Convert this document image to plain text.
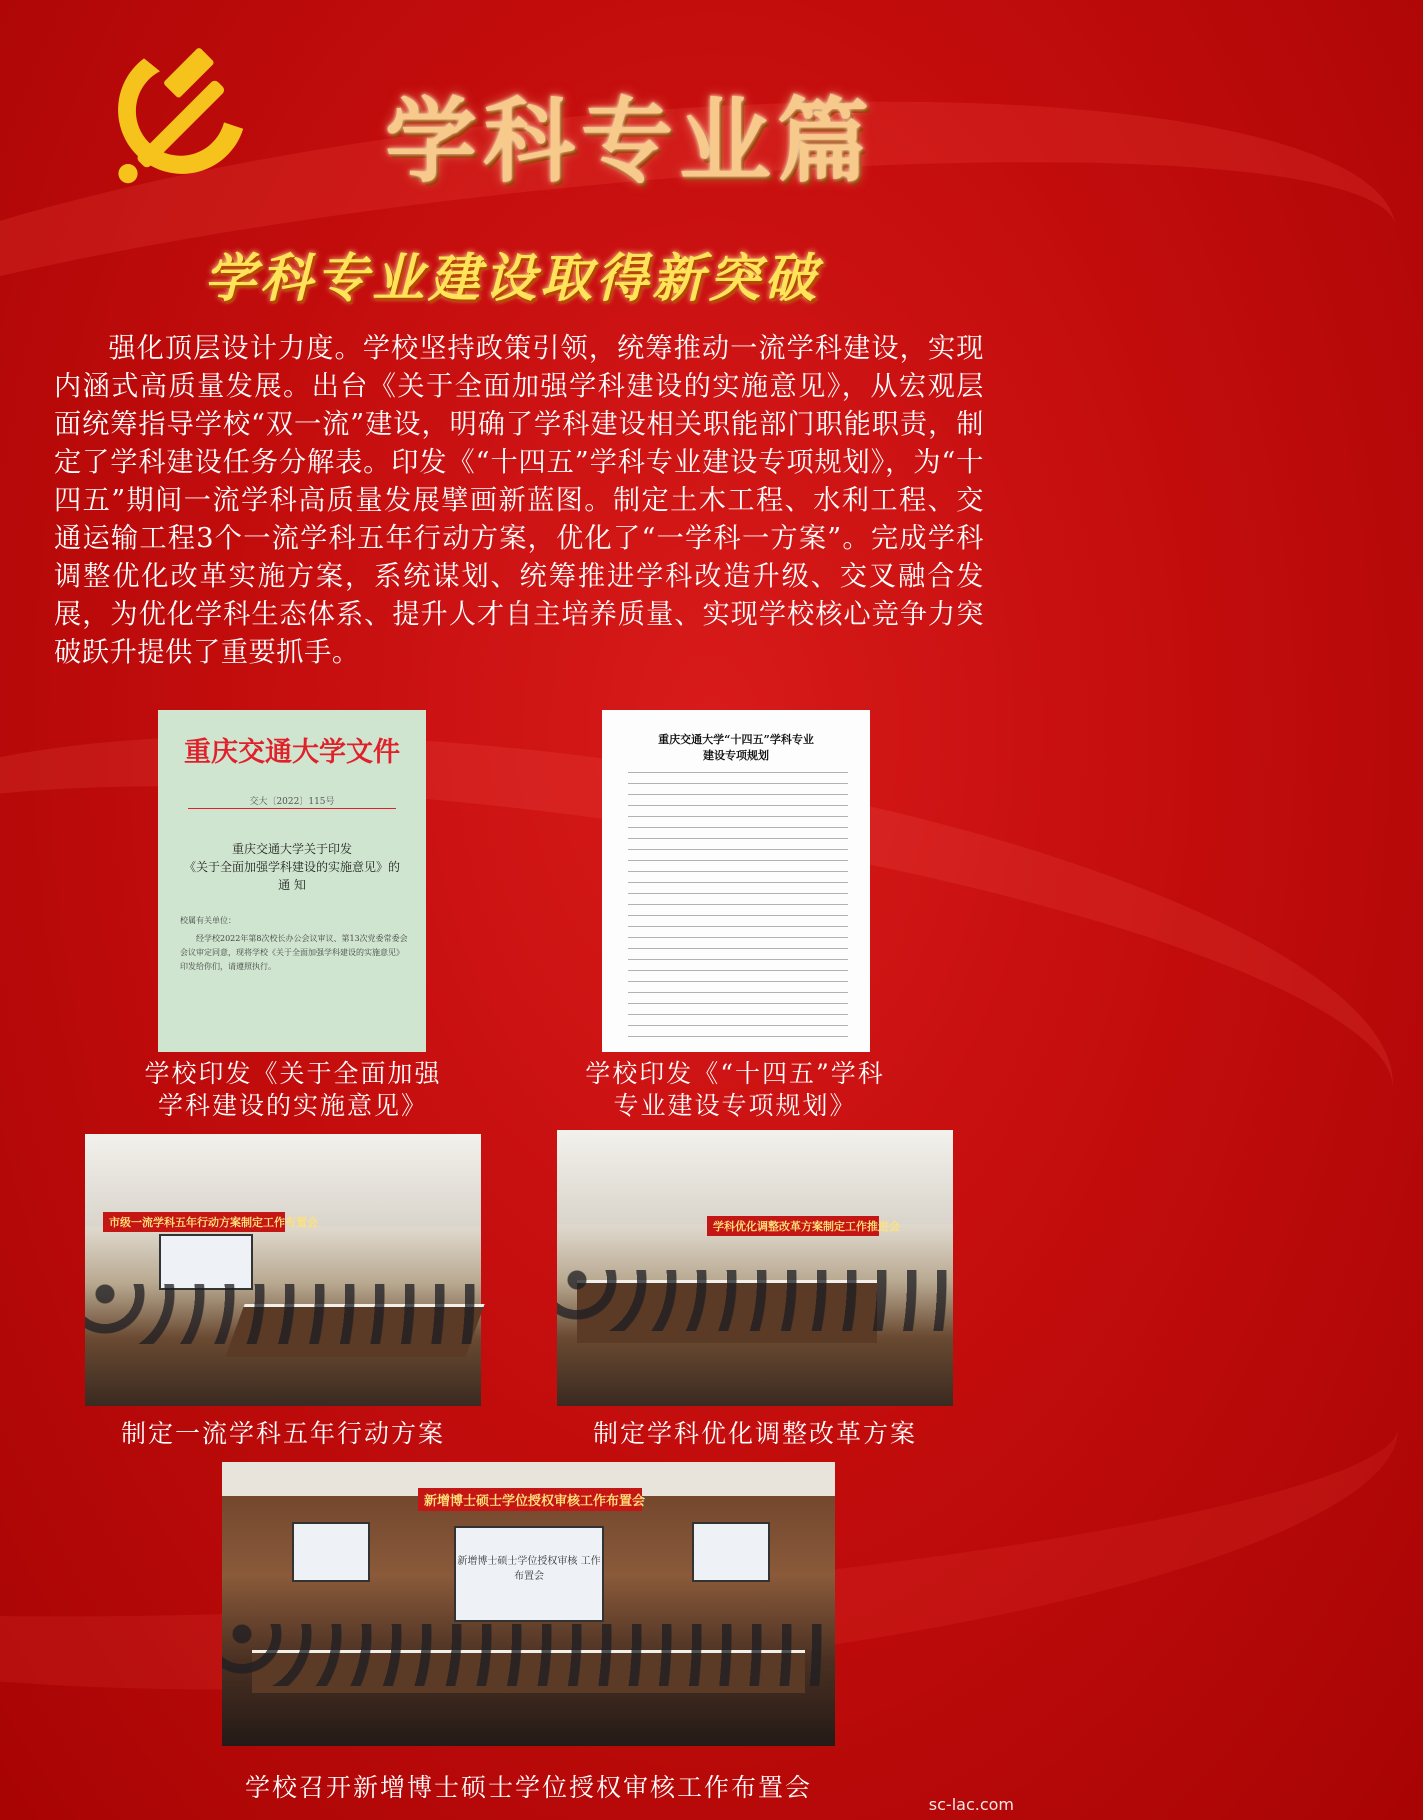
学科专业篇
学科专业建设取得新突破

强化顶层设计力度。学校坚持政策引领，统筹推动一流学科建设，实现内涵式高质量发展。出台《关于全面加强学科建设的实施意见》，从宏观层面统筹指导学校“双一流”建设，明确了学科建设相关职能部门职能职责，制定了学科建设任务分解表。印发《“十四五”学科专业建设专项规划》，为“十四五”期间一流学科高质量发展擘画新蓝图。制定土木工程、水利工程、交通运输工程3个一流学科五年行动方案，优化了“一学科一方案”。完成学科调整优化改革实施方案，系统谋划、统筹推进学科改造升级、交叉融合发展，为优化学科生态体系、提升人才自主培养质量、实现学校核心竞争力突破跃升提供了重要抓手。

重庆交通大学文件
交大〔2022〕115号
重庆交通大学关于印发
《关于全面加强学科建设的实施意见》的
通 知
校属有关单位：
经学校2022年第8次校长办公会议审议、第13次党委常委会会议审定同意，现将学校《关于全面加强学科建设的实施意见》印发给你们，请遵照执行。
学校印发《关于全面加强
学科建设的实施意见》
重庆交通大学“十四五”学科专业
建设专项规划
学校印发《“十四五”学科
专业建设专项规划》
市级一流学科五年行动方案制定工作布置会
制定一流学科五年行动方案
学科优化调整改革方案制定工作推进会
制定学科优化调整改革方案
新增博士硕士学位授权审核工作布置会
新增博士硕士学位授权审核 工作布置会
学校召开新增博士硕士学位授权审核工作布置会
sc-lac.com
